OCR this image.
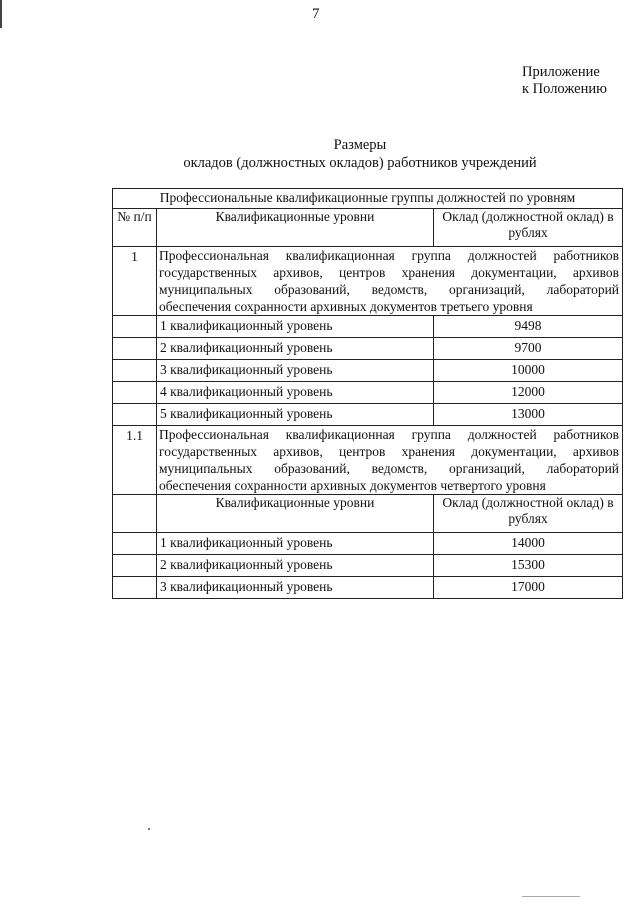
7
Приложение
к Положению
Размеры
окладов (должностных окладов) работников учреждений
Профессиональные квалификационные группы должностей по уровням		
№ п/п	Квалификационные уровни	Оклад (должностной оклад) в рублях
1	Профессиональная квалификационная группа должностей работников государственных архивов, центров хранения документации, архивов муниципальных образований, ведомств, организаций, лабораторий обеспечения сохранности архивных документов третьего уровня	
	1 квалификационный уровень	9498
	2 квалификационный уровень	9700
	3 квалификационный уровень	10000
	4 квалификационный уровень	12000
	5 квалификационный уровень	13000
1.1	Профессиональная квалификационная группа должностей работников государственных архивов, центров хранения документации, архивов муниципальных образований, ведомств, организаций, лабораторий обеспечения сохранности архивных документов четвертого уровня	
	Квалификационные уровни	Оклад (должностной оклад) в рублях
	1 квалификационный уровень	14000
	2 квалификационный уровень	15300
	3 квалификационный уровень	17000
